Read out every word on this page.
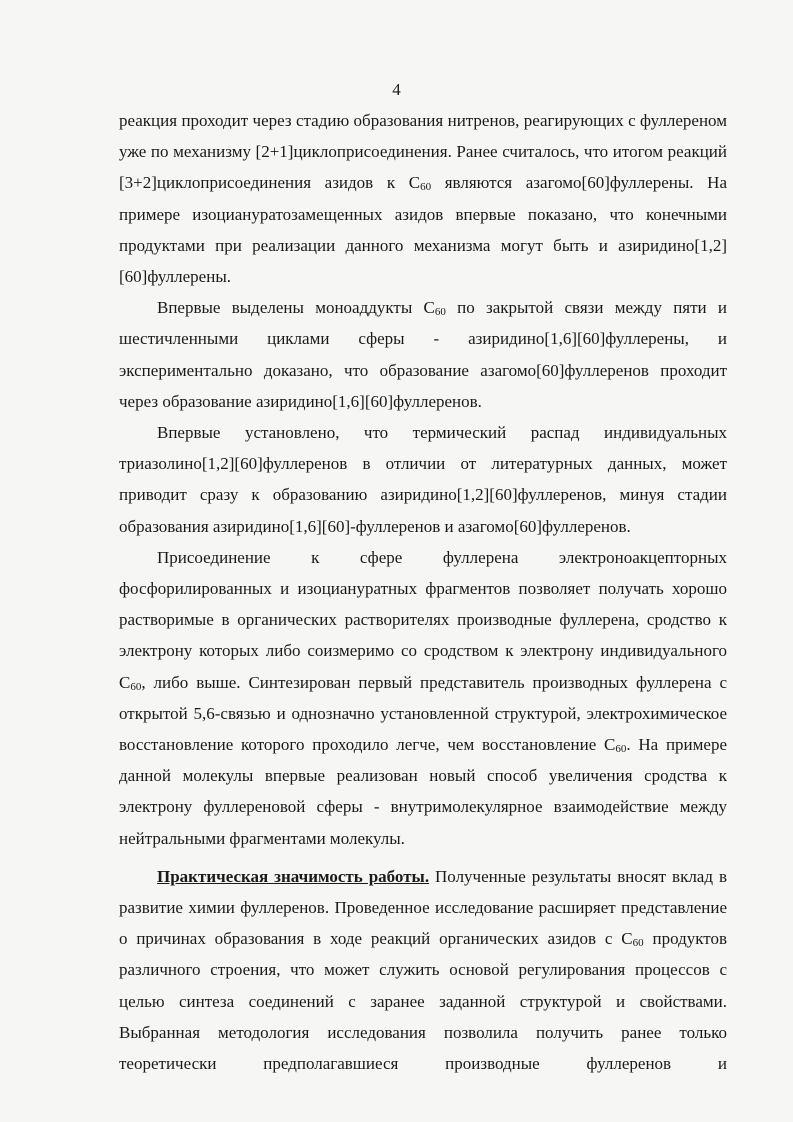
4

реакция проходит через стадию образования нитренов, реагирующих с фуллереном уже по механизму [2+1]циклоприсоединения. Ранее считалось, что итогом реакций [3+2]циклоприсоединения азидов к $С_{60}$ являются азагомо[60]фуллерены. На примере изоциануратозамещенных азидов впервые показано, что конечными продуктами при реализации данного механизма могут быть и азиридино[1,2][60]фуллерены.

Впервые выделены моноаддукты $С_{60}$ по закрытой связи между пяти и шестичленными циклами сферы - азиридино[1,6][60]фуллерены, и экспериментально доказано, что образование азагомо[60]фуллеренов проходит через образование азиридино[1,6][60]фуллеренов.

Впервые установлено, что термический распад индивидуальных триазолино[1,2][60]фуллеренов в отличии от литературных данных, может приводит сразу к образованию азиридино[1,2][60]фуллеренов, минуя стадии образования азиридино[1,6][60]-фуллеренов и азагомо[60]фуллеренов.

Присоединение к сфере фуллерена электроноакцепторных фосфорилированных и изоциануратных фрагментов позволяет получать хорошо растворимые в органических растворителях производные фуллерена, сродство к электрону которых либо соизмеримо со сродством к электрону индивидуального $С_{60}$, либо выше. Синтезирован первый представитель производных фуллерена с открытой 5,6-связью и однозначно установленной структурой, электрохимическое восстановление которого проходило легче, чем восстановление $С_{60}$. На примере данной молекулы впервые реализован новый способ увеличения сродства к электрону фуллереновой сферы - внутримолекулярное взаимодействие между нейтральными фрагментами молекулы.

Практическая значимость работы. Полученные результаты вносят вклад в развитие химии фуллеренов. Проведенное исследование расширяет представление о причинах образования в ходе реакций органических азидов с $С_{60}$ продуктов различного строения, что может служить основой регулирования процессов с целью синтеза соединений с заранее заданной структурой и свойствами. Выбранная методология исследования позволила получить ранее только теоретически предполагавшиеся производные фуллеренов и
